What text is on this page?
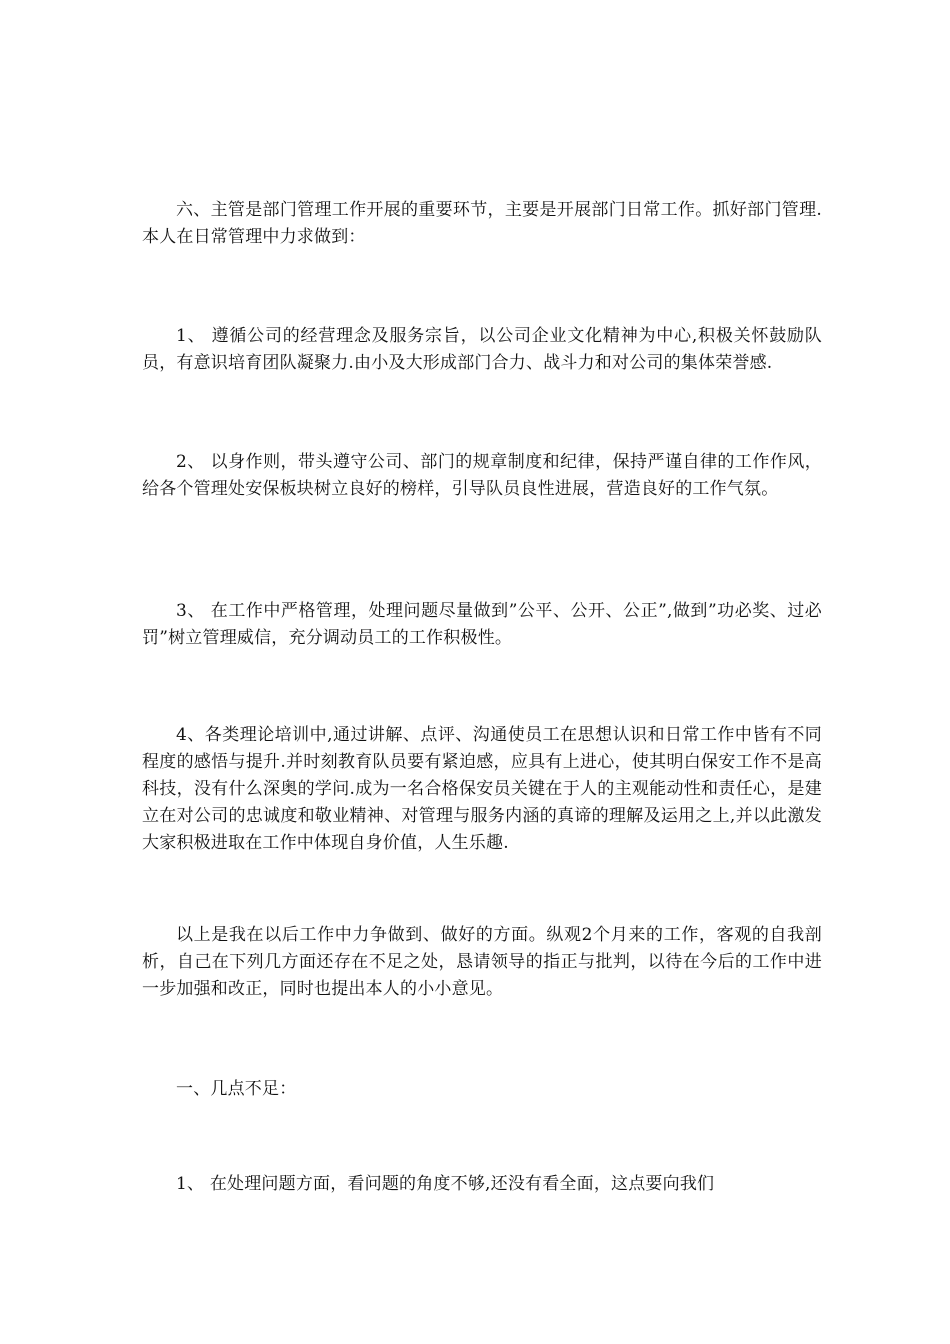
六、主管是部门管理工作开展的重要环节，主要是开展部门日常工作。抓好部门管理.本人在日常管理中力求做到：

1、 遵循公司的经营理念及服务宗旨，以公司企业文化精神为中心,积极关怀鼓励队员，有意识培育团队凝聚力.由小及大形成部门合力、战斗力和对公司的集体荣誉感.

2、 以身作则，带头遵守公司、部门的规章制度和纪律，保持严谨自律的工作作风，给各个管理处安保板块树立良好的榜样，引导队员良性进展，营造良好的工作气氛。

3、 在工作中严格管理，处理问题尽量做到”公平、公开、公正”,做到”功必奖、过必罚”树立管理威信，充分调动员工的工作积极性。

4、各类理论培训中,通过讲解、点评、沟通使员工在思想认识和日常工作中皆有不同程度的感悟与提升.并时刻教育队员要有紧迫感，应具有上进心，使其明白保安工作不是高科技，没有什么深奥的学问.成为一名合格保安员关键在于人的主观能动性和责任心，是建立在对公司的忠诚度和敬业精神、对管理与服务内涵的真谛的理解及运用之上,并以此激发大家积极进取在工作中体现自身价值，人生乐趣.

以上是我在以后工作中力争做到、做好的方面。纵观2个月来的工作，客观的自我剖析，自己在下列几方面还存在不足之处，恳请领导的指正与批判，以待在今后的工作中进一步加强和改正，同时也提出本人的小小意见。

一、几点不足：

1、 在处理问题方面，看问题的角度不够,还没有看全面，这点要向我们
